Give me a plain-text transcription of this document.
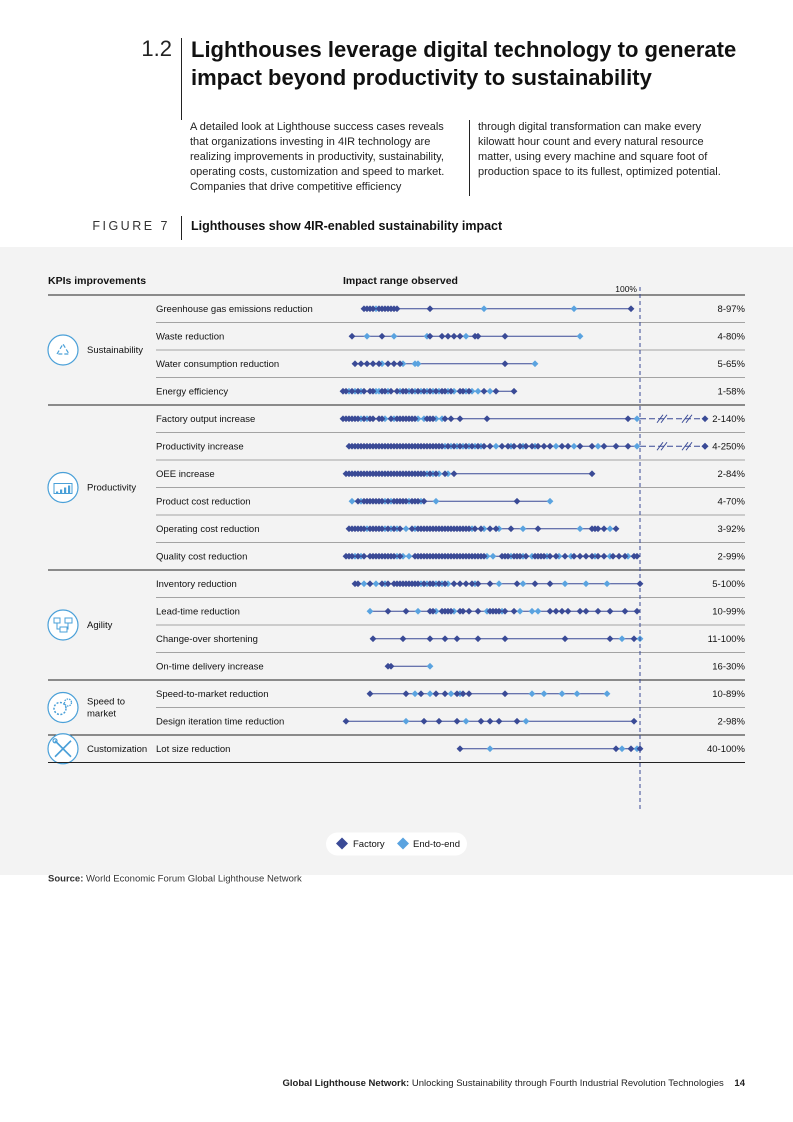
1.2 Lighthouses leverage digital technology to generate impact beyond productivity to sustainability
A detailed look at Lighthouse success cases reveals that organizations investing in 4IR technology are realizing improvements in productivity, sustainability, operating costs, customization and speed to market. Companies that drive competitive efficiency
through digital transformation can make every kilowatt hour count and every natural resource matter, using every machine and square foot of production space to its fullest, optimized potential.
FIGURE 7 Lighthouses show 4IR-enabled sustainability impact
KPIs improvements	Impact range observed
100%
Sustainability
Greenhouse gas emissions reduction	8-97%
Waste reduction	4-80%
Water consumption reduction	5-65%
Energy efficiency	1-58%
Productivity
Factory output increase	2-140%
Productivity increase	4-250%
OEE increase	2-84%
Product cost reduction	4-70%
Operating cost reduction	3-92%
Quality cost reduction	2-99%
Agility
Inventory reduction	5-100%
Lead-time reduction	10-99%
Change-over shortening	11-100%
On-time delivery increase	16-30%
Speed to
market
Speed-to-market reduction	10-89%
Design iteration time reduction	2-98%
Customization Lot size reduction	40-100%
Factory	End-to-end
Source: World Economic Forum Global Lighthouse Network
Global Lighthouse Network: Unlocking Sustainability through Fourth Industrial Revolution Technologies 14
